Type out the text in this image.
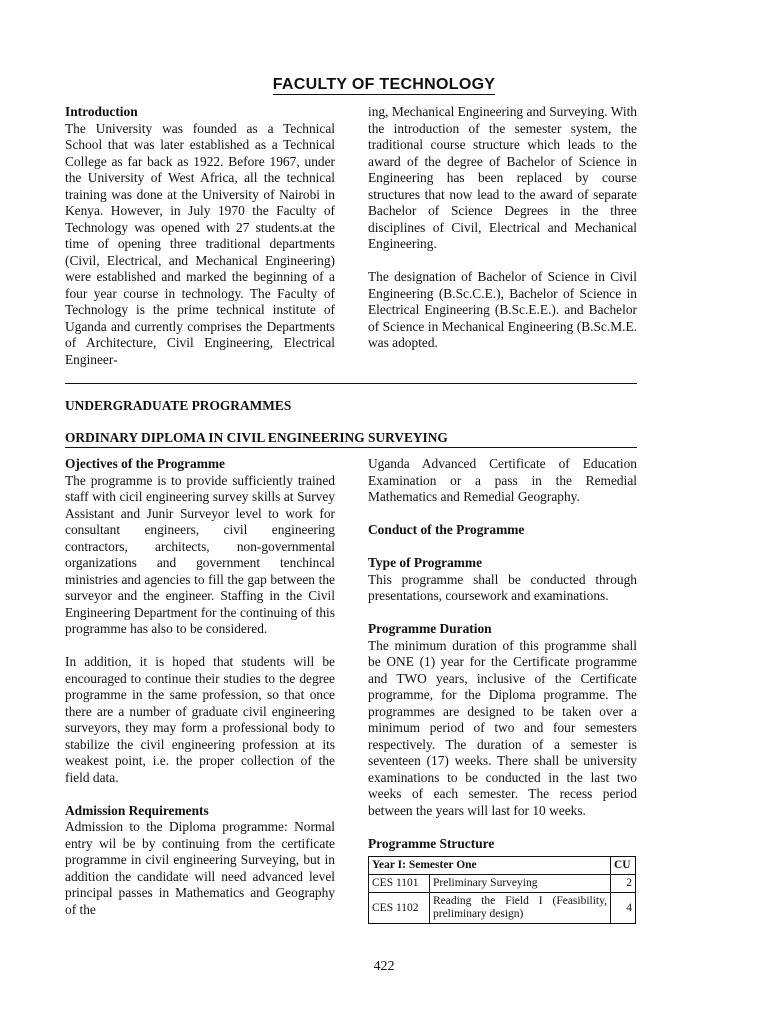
FACULTY OF TECHNOLOGY
Introduction

The University was founded as a Technical School that was later established as a Technical College as far back as 1922. Before 1967, under the University of West Africa, all the technical training was done at the University of Nairobi in Kenya. However, in July 1970 the Faculty of Technology was opened with 27 students.at the time of opening three traditional departments (Civil, Electrical, and Mechanical Engineering) were established and marked the beginning of a four year course in technology. The Faculty of Technology is the prime technical institute of Uganda and currently comprises the Departments of Architecture, Civil Engineering, Electrical Engineer-

ing, Mechanical Engineering and Surveying. With the introduction of the semester system, the traditional course structure which leads to the award of the degree of Bachelor of Science in Engineering has been replaced by course structures that now lead to the award of separate Bachelor of Science Degrees in the three disciplines of Civil, Electrical and Mechanical Engineering.

The designation of Bachelor of Science in Civil Engineering (B.Sc.C.E.), Bachelor of Science in Electrical Engineering (B.Sc.E.E.). and Bachelor of Science in Mechanical Engineering (B.Sc.M.E. was adopted.

UNDERGRADUATE PROGRAMMES
ORDINARY DIPLOMA IN CIVIL ENGINEERING SURVEYING
Ojectives of the Programme

The programme is to provide sufficiently trained staff with cicil engineering survey skills at Survey Assistant and Junir Surveyor level to work for consultant engineers, civil engineering contractors, architects, non-governmental organizations and government tenchincal ministries and agencies to fill the gap between the surveyor and the engineer. Staffing in the Civil Engineering Department for the continuing of this programme has also to be considered.

In addition, it is hoped that students will be encouraged to continue their studies to the degree programme in the same profession, so that once there are a number of graduate civil engineering surveyors, they may form a professional body to stabilize the civil engineering profession at its weakest point, i.e. the proper collection of the field data.

Admission Requirements

Admission to the Diploma programme: Normal entry wil be by continuing from the certificate programme in civil engineering Surveying, but in addition the candidate will need advanced level principal passes in Mathematics and Geography of the

Uganda Advanced Certificate of Education Examination or a pass in the Remedial Mathematics and Remedial Geography.

Conduct of the Programme
Type of Programme

This programme shall be conducted through presentations, coursework and examinations.

Programme Duration

The minimum duration of this programme shall be ONE (1) year for the Certificate programme and TWO years, inclusive of the Certificate programme, for the Diploma programme. The programmes are designed to be taken over a minimum period of two and four semesters respectively. The duration of a semester is seventeen (17) weeks. There shall be university examinations to be conducted in the last two weeks of each semester. The recess period between the years will last for 10 weeks.

Programme Structure
Year I: Semester One		CU
CES 1101	Preliminary Surveying	2
CES 1102	Reading the Field I (Feasibility, preliminary design)	4
422
